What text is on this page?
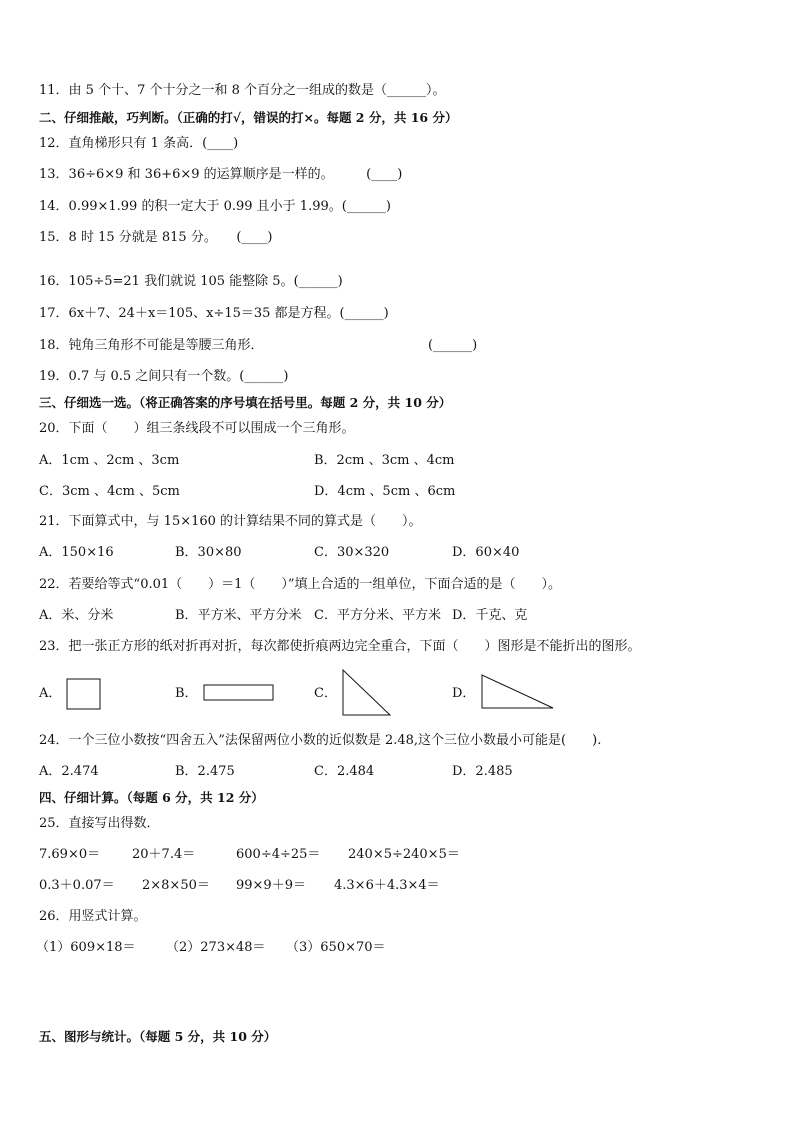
11．由 5 个十、7 个十分之一和 8 个百分之一组成的数是（______）。
二、仔细推敲，巧判断。（正确的打√，错误的打×。每题 2 分，共 16 分）
12．直角梯形只有 1 条高．(____)
13．36÷6×9 和 36+6×9 的运算顺序是一样的。　　　(____)
14．0.99×1.99 的积一定大于 0.99 且小于 1.99。(______)
15．8 时 15 分就是 815 分。　　(____)
16．105÷5=21 我们就说 105 能整除 5。(______)
17．6x＋7、24＋x＝105、x÷15＝35 都是方程。(______)
18．钝角三角形不可能是等腰三角形．	(______)
19．0.7 与 0.5 之间只有一个数。(______)
三、仔细选一选。（将正确答案的序号填在括号里。每题 2 分，共 10 分）
20．下面（　　）组三条线段不可以围成一个三角形。
A．1cm 、2cm 、3cm	B．2cm 、3cm 、4cm
C．3cm 、4cm 、5cm	D．4cm 、5cm 、6cm
21．下面算式中，与 15×160 的计算结果不同的算式是（　　）。
A．150×16	B．30×80	C．30×320	D．60×40
22．若要给等式“0.01（　　）＝1（　　）”填上合适的一组单位，下面合适的是（　　）。
A．米、分米	B．平方米、平方分米 C．平方分米、平方米 D．千克、克
23．把一张正方形的纸对折再对折，每次都使折痕两边完全重合，下面（　　）图形是不能折出的图形。
A．	B．	C．	D．
24．一个三位小数按“四舍五入”法保留两位小数的近似数是 2.48,这个三位小数最小可能是(　　).
A．2.474	B．2.475	C．2.484	D．2.485
四、仔细计算。（每题 6 分，共 12 分）
25．直接写出得数．
7.69×0＝ 20＋7.4＝	600÷4÷25＝ 240×5÷240×5＝
0.3＋0.07＝ 2×8×50＝ 99×9＋9＝ 4.3×6＋4.3×4＝
26．用竖式计算。
（1）609×18＝ （2）273×48＝ （3）650×70＝
五、图形与统计。（每题 5 分，共 10 分）
